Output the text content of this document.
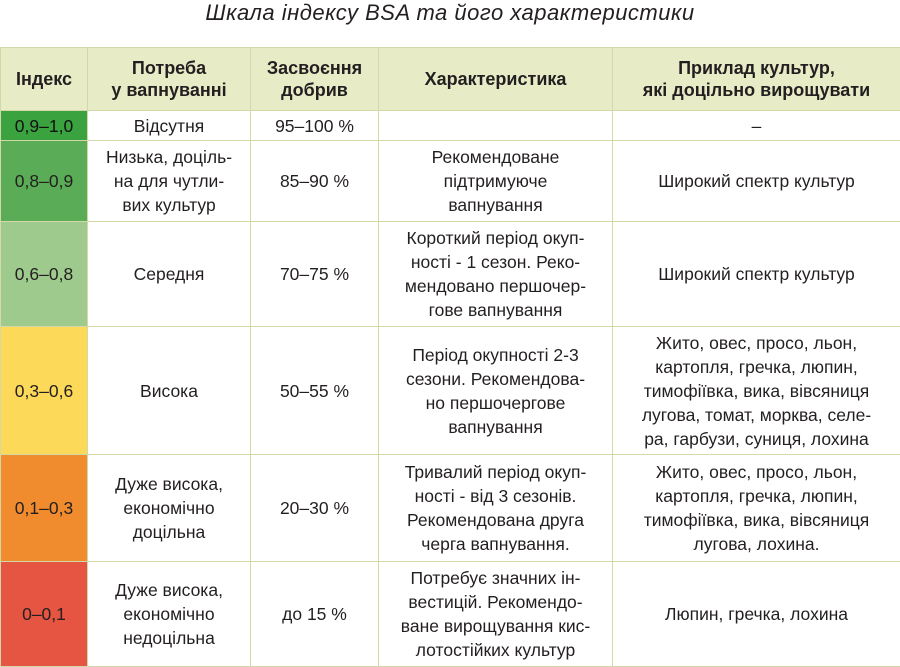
Шкала індексу BSA та його характеристики
Індекс	Потреба
у вапнуванні	Засвоєння
добрив	Характеристика	Приклад культур,
які доцільно вирощувати
0,9–1,0	Відсутня	95–100 %		–
0,8–0,9	Низька, доціль-
на для чутли-
вих культур	85–90 %	Рекомендоване
підтримуюче
вапнування	Широкий спектр культур
0,6–0,8	Середня	70–75 %	Короткий період окуп-
ності - 1 сезон. Реко-
мендовано першочер-
гове вапнування	Широкий спектр культур
0,3–0,6	Висока	50–55 %	Період окупності 2-3
сезони. Рекомендова-
но першочергове
вапнування	Жито, овес, просо, льон,
картопля, гречка, люпин,
тимофіївка, вика, вівсяниця
лугова, томат, морква, селе-
ра, гарбузи, суниця, лохина
0,1–0,3	Дуже висока,
економічно
доцільна	20–30 %	Тривалий період окуп-
ності - від 3 сезонів.
Рекомендована друга
черга вапнування.	Жито, овес, просо, льон,
картопля, гречка, люпин,
тимофіївка, вика, вівсяниця
лугова, лохина.
0–0,1	Дуже висока,
економічно
недоцільна	до 15 %	Потребує значних ін-
вестицій. Рекомендо-
ване вирощування кис-
лотостійких культур	Люпин, гречка, лохина
